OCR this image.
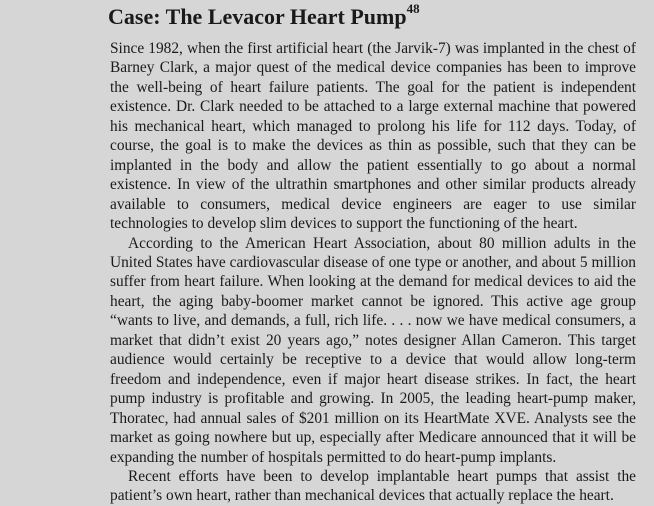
Case: The Levacor Heart Pump$^{48}$

Since 1982, when the first artificial heart (the Jarvik-7) was implanted in the chest of Barney Clark, a major quest of the medical device companies has been to improve the well-being of heart failure patients. The goal for the patient is independent existence. Dr. Clark needed to be attached to a large external machine that powered his mechanical heart, which managed to prolong his life for 112 days. Today, of course, the goal is to make the devices as thin as possible, such that they can be implanted in the body and allow the patient essentially to go about a normal existence. In view of the ultrathin smartphones and other similar products already available to consumers, medical device engineers are eager to use similar technologies to develop slim devices to support the functioning of the heart.

According to the American Heart Association, about 80 million adults in the United States have cardiovascular disease of one type or another, and about 5 million suffer from heart failure. When looking at the demand for medical devices to aid the heart, the aging baby-boomer market cannot be ignored. This active age group “wants to live, and demands, a full, rich life. . . . now we have medical consumers, a market that didn’t exist 20 years ago,” notes designer Allan Cameron. This target audience would certainly be receptive to a device that would allow long-term freedom and independence, even if major heart disease strikes. In fact, the heart pump industry is profitable and growing. In 2005, the leading heart-pump maker, Thoratec, had annual sales of $201 million on its HeartMate XVE. Analysts see the market as going nowhere but up, especially after Medicare announced that it will be expanding the number of hospitals permitted to do heart-pump implants.

Recent efforts have been to develop implantable heart pumps that assist the patient’s own heart, rather than mechanical devices that actually replace the heart.
